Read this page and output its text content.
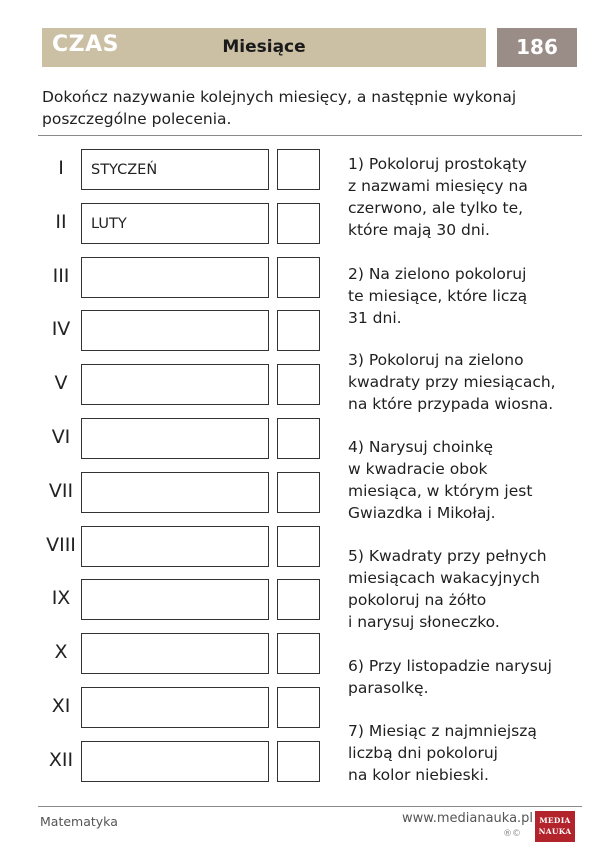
CZAS	Miesiące	186
Dokończ nazywanie kolejnych miesięcy, a następnie wykonaj poszczególne polecenia.
I	STYCZEŃ
II	LUTY
III
IV
V
VI
VII
VIII
IX
X
XI
XII
1) Pokoloruj prostokąty
z nazwami miesięcy na
czerwono, ale tylko te,
które mają 30 dni.
2) Na zielono pokoloruj
te miesiące, które liczą
31 dni.
3) Pokoloruj na zielono
kwadraty przy miesiącach,
na które przypada wiosna.
4) Narysuj choinkę
w kwadracie obok
miesiąca, w którym jest
Gwiazdka i Mikołaj.
5) Kwadraty przy pełnych
miesiącach wakacyjnych
pokoloruj na żółto
i narysuj słoneczko.
6) Przy listopadzie narysuj
parasolkę.
7) Miesiąc z najmniejszą
liczbą dni pokoloruj
na kolor niebieski.
Matematyka	www.medianauka.pl
®©
MEDIA
NAUKA
